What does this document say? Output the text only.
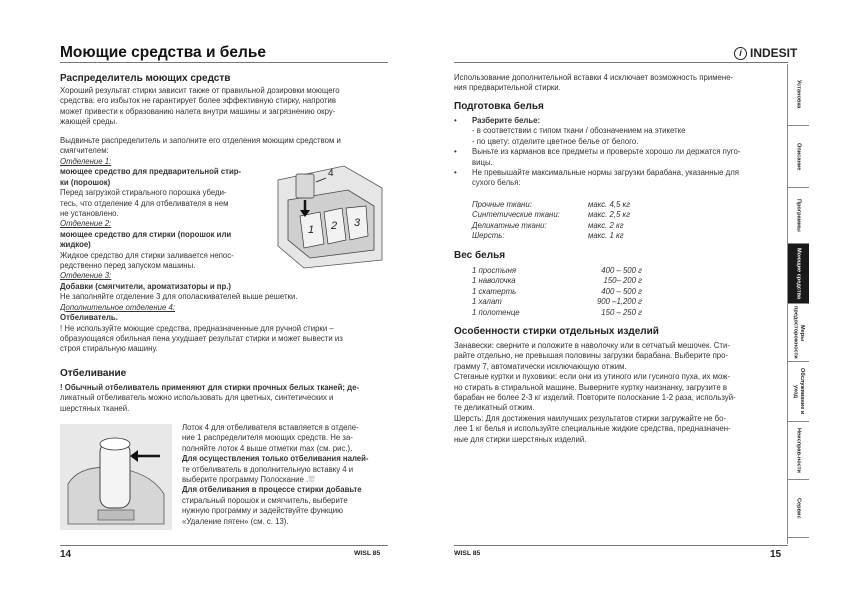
Моющие средства и белье	i INDESIT
Распределитель моющих средств
Хороший результат стирки зависит также от правильной дозировки моющего
средства: его избыток не гарантирует более эффективную стирку, напротив
может привести к образованию налета внутри машины и загрязнению окру-
жающей среды.
Выдвиньте распределитель и заполните его отделения моющим средством и
смягчителем:
Отделение 1:
моющее средство для предварительной стир-
ки (порошок)
Перед загрузкой стирального порошка убеди-
тесь, что отделение 4 для отбеливателя в нем
не установлено.
Отделение 2:
моющее средство для стирки (порошок или
жидкое)
Жидкое средство для стирки заливается непос-
редственно перед запуском машины.
Отделение 3:
Добавки (смягчители, ароматизаторы и пр.)
Не заполняйте отделение 3 для ополаскивателей выше решетки.
Дополнительное отделение 4:
Отбеливатель.
! Не используйте моющие средства, предназначенные для ручной стирки –
образующаяся обильная пена ухудшает результат стирки и может вывести из
строя стиральную машину.
4
1 2 3
Отбеливание
! Обычный отбеливатель применяют для стирки прочных белых тканей; де-
ликатный отбеливатель можно использовать для цветных, синтетических и
шерстяных тканей.
Лоток 4 для отбеливателя вставляется в отделе-
ние 1 распределителя моющих средств. Не за-
полняйте лоток 4 выше отметки max (см. рис.).
Для осуществления только отбеливания налей-
те отбеливатель в дополнительную вставку 4 и
выберите программу Полоскание .⛆
Для отбеливания в процессе стирки добавьте
стиральный порошок и смягчитель, выберите
нужную программу и задействуйте функцию
«Удаление пятен» (см. с. 13).
14	WISL 85
Использование дополнительной вставки 4 исключает возможность примене-
ния предварительной стирки.
Подготовка белья
• Разберите белье:
- в соответствии с типом ткани / обозначением на этикетке
- по цвету: отделите цветное белье от белого.
• Выньте из карманов все предметы и проверьте хорошо ли держатся пуго-
вицы.
• Не превышайте максимальные нормы загрузки барабана, указанные для
сухого белья:
Прочные ткани:	макс. 4,5 кг
Синтетические ткани:	макс. 2,5 кг
Деликатные ткани:	макс. 2 кг
Шерсть:	макс. 1 кг
Вес белья
1 простыня	400 – 500 г
1 наволочка	150– 200 г
1 скатерть	400 – 500 г
1 халат	900 –1,200 г
1 полотенце	150 – 250 г
Особенности стирки отдельных изделий
Занавески: сверните и положите в наволочку или в сетчатый мешочек. Сти-
райте отдельно, не превышая половины загрузки барабана. Выберите про-
грамму 7, автоматически исключающую отжим.
Стеганые куртки и пуховики: если они из утиного или гусиного пуха, их мож-
но стирать в стиральной машине. Выверните куртку наизнанку, загрузите в
барабан не более 2-3 кг изделий. Повторите полоскание 1-2 раза, используй-
те деликатный отжим.
Шерсть: Для достижения наилучших результатов стирки загружайте не бо-
лее 1 кг белья и используйте специальные жидкие средства, предназначен-
ные для стирки шерстяных изделий.
WISL 85	15
Установка
Описание
Программы
Моющие средства
Меры предосторожности
Обслуживание и уход
Неисправ-ности
Сервис
